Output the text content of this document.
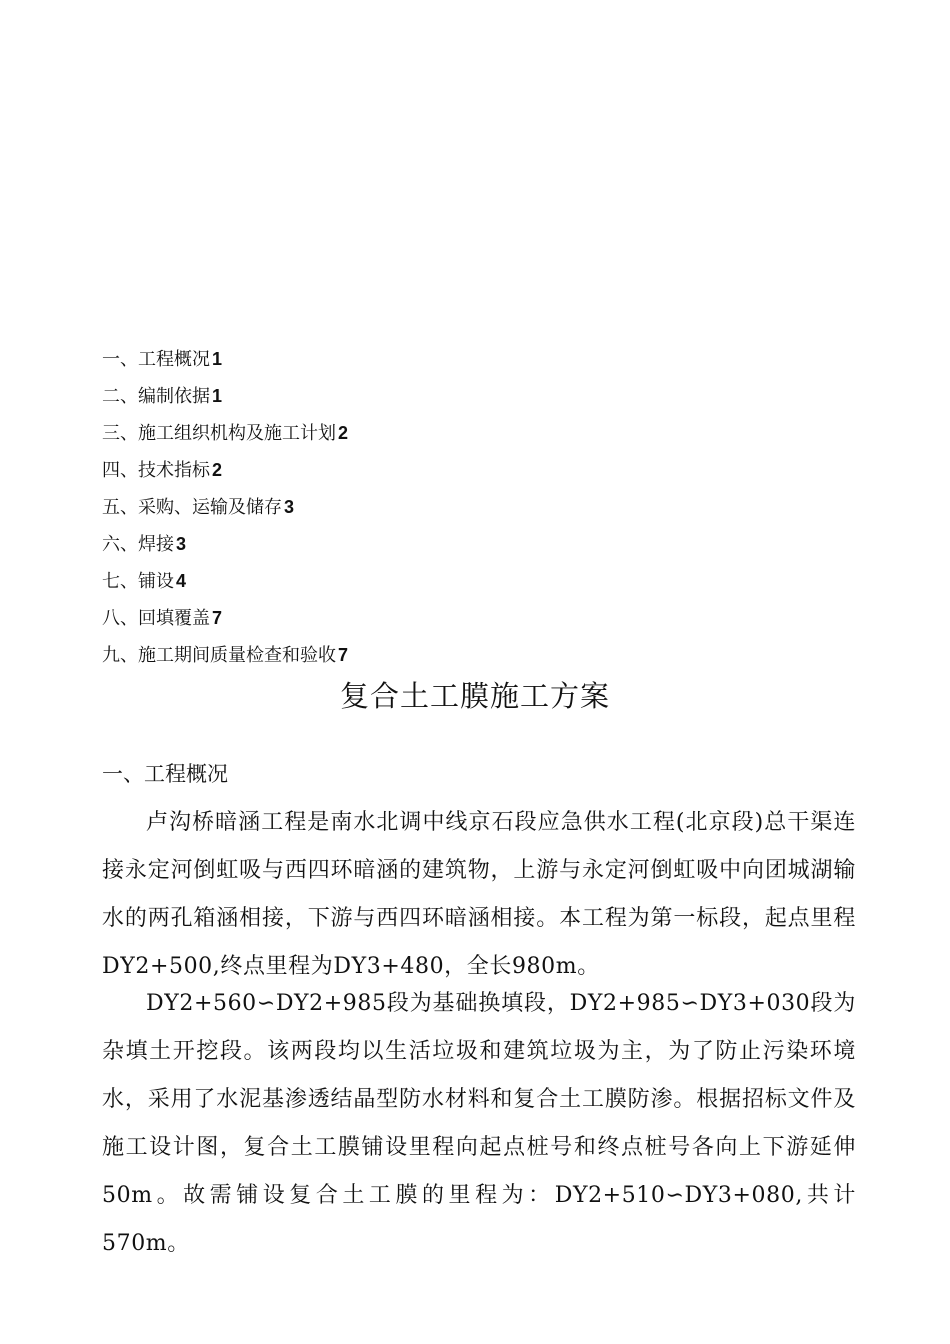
一、工程概况 1
二、编制依据 1
三、施工组织机构及施工计划 2
四、技术指标 2
五、采购、运输及储存 3
六、焊接 3
七、铺设 4
八、回填覆盖 7
九、施工期间质量检查和验收 7
复合土工膜施工方案
一、工程概况

卢沟桥暗涵工程是南水北调中线京石段应急供水工程(北京段)总干渠连接永定河倒虹吸与西四环暗涵的建筑物，上游与永定河倒虹吸中向团城湖输水的两孔箱涵相接，下游与西四环暗涵相接。本工程为第一标段，起点里程DY2+500,终点里程为DY3+480，全长980m。

DY2+560∽DY2+985段为基础换填段，DY2+985∽DY3+030段为杂填土开挖段。该两段均以生活垃圾和建筑垃圾为主，为了防止污染环境水，采用了水泥基渗透结晶型防水材料和复合土工膜防渗。根据招标文件及施工设计图，复合土工膜铺设里程向起点桩号和终点桩号各向上下游延伸50m。故需铺设复合土工膜的里程为：DY2+510∽DY3+080,共计570m。
